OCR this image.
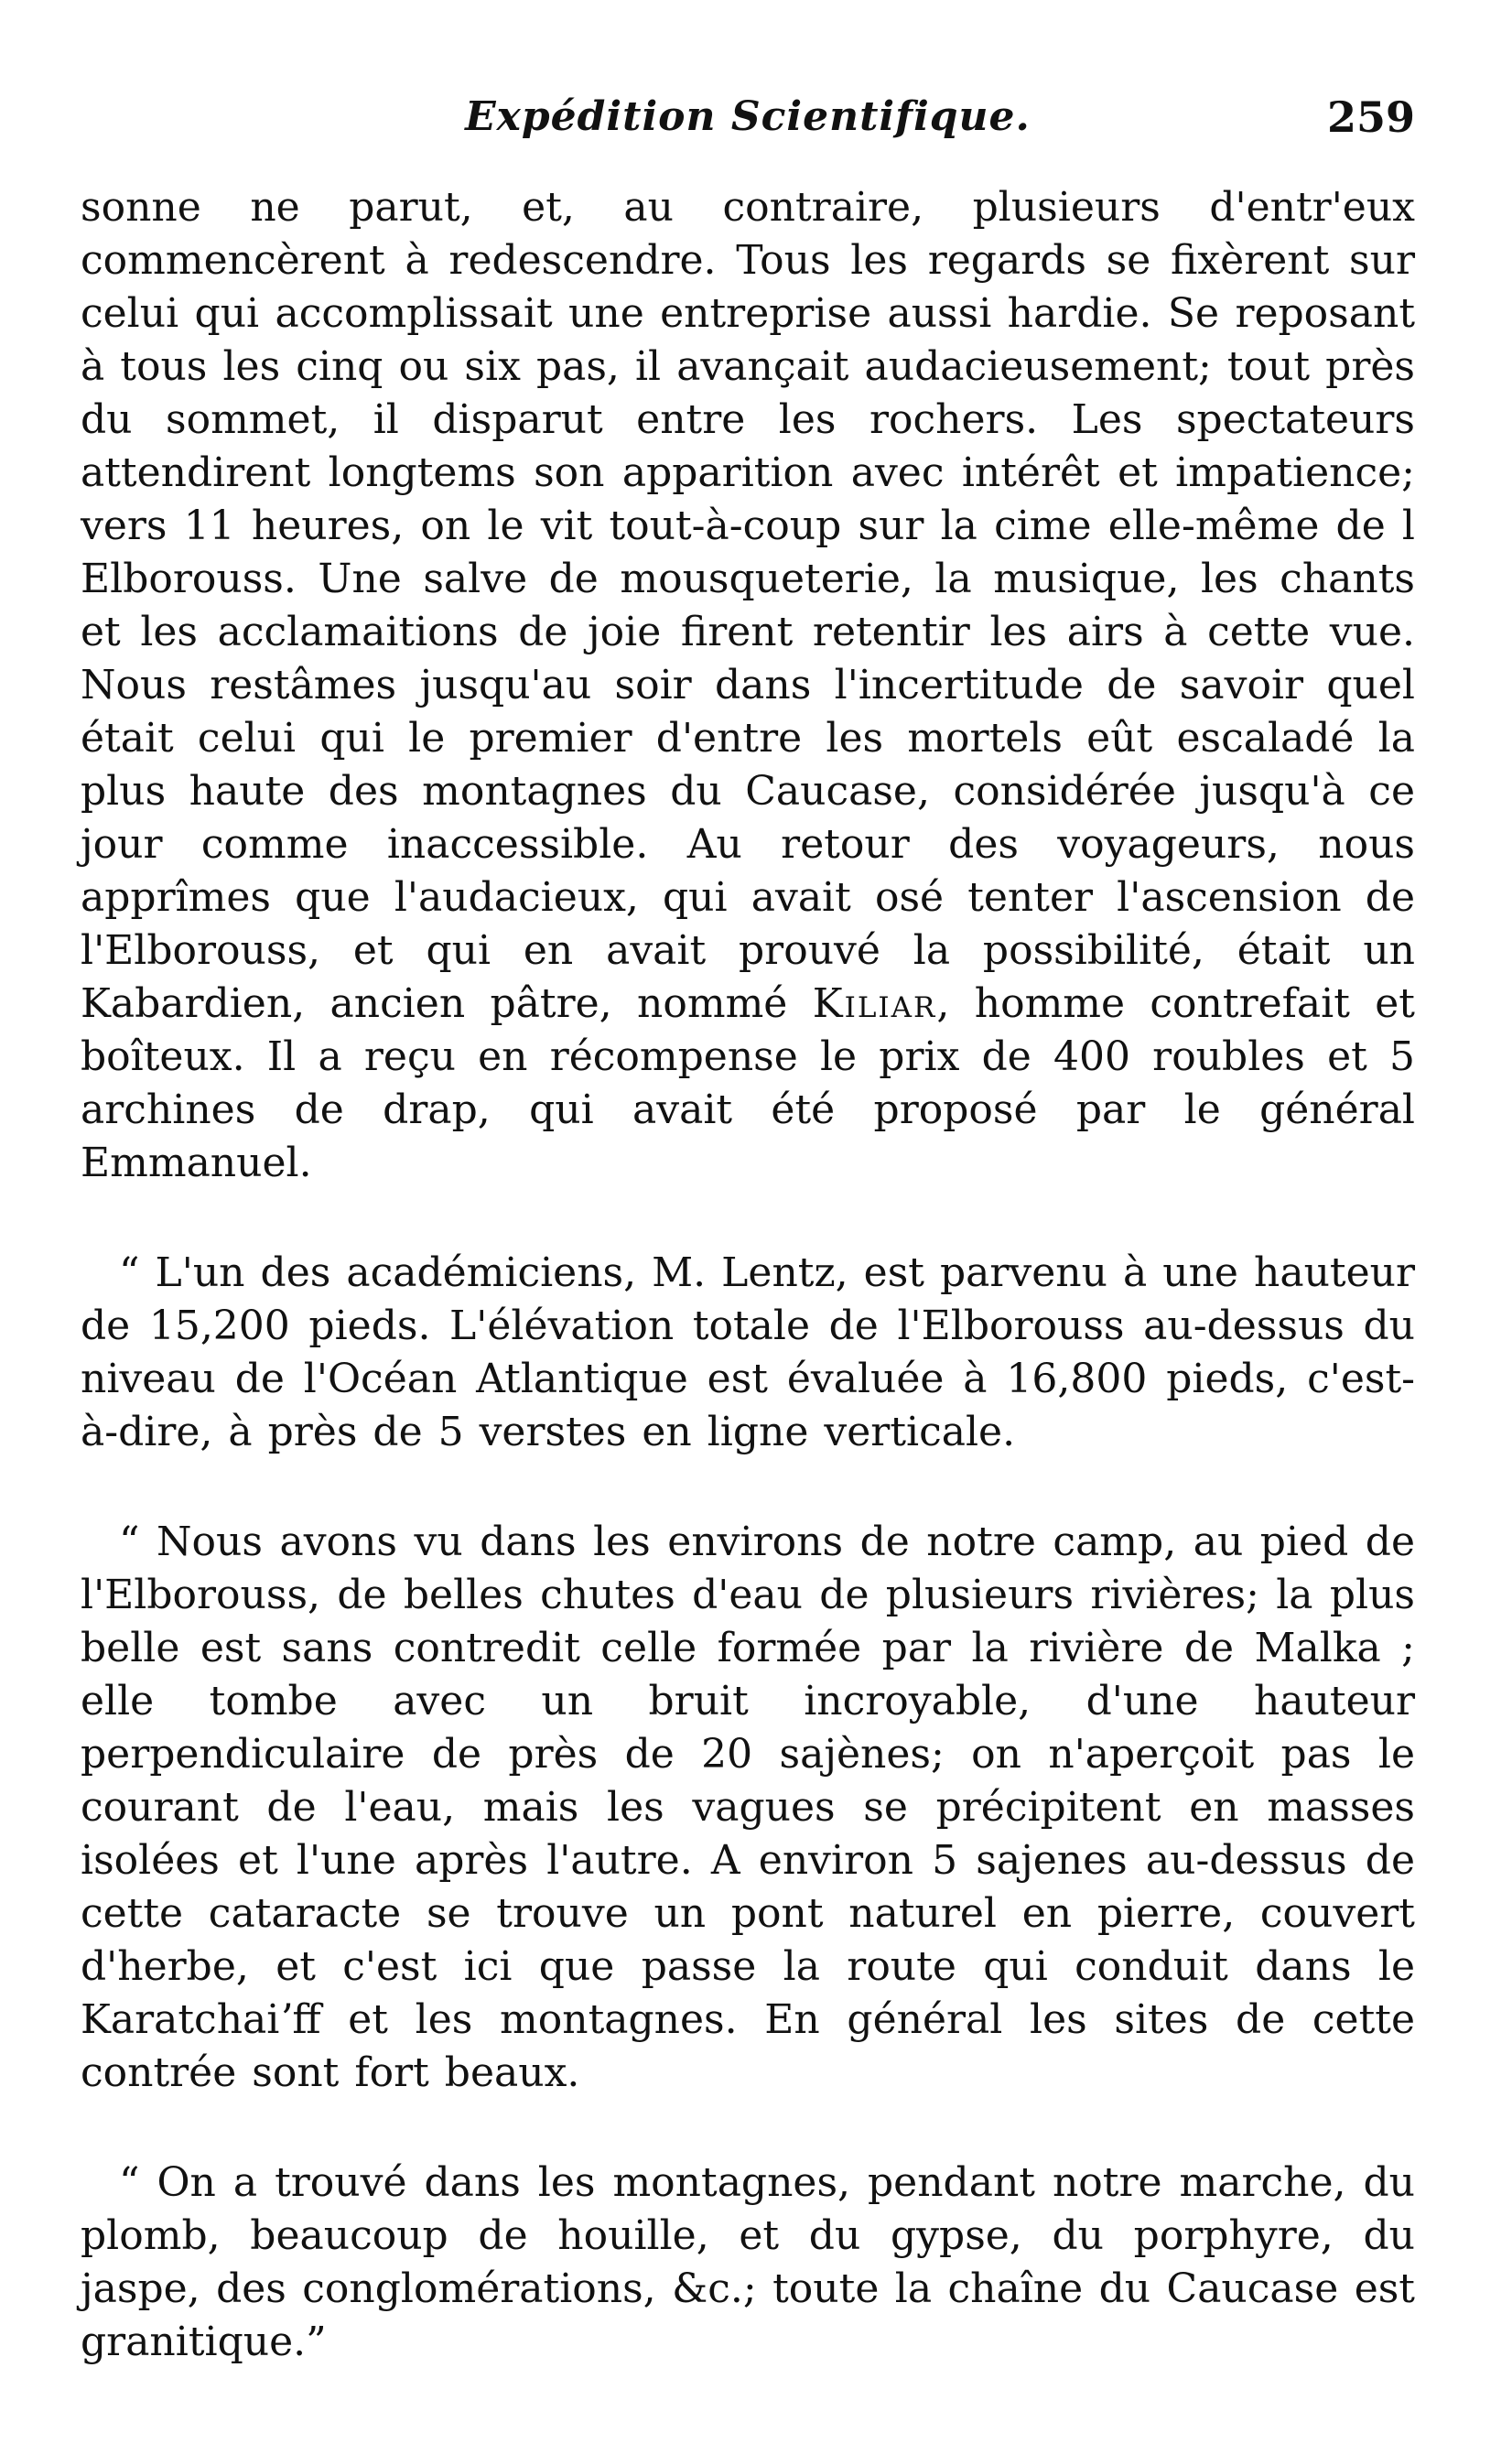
Expédition Scientifique.	259

sonne ne parut, et, au contraire, plusieurs d'entr'eux commencèrent à redescendre. Tous les regards se fixèrent sur celui qui accomplissait une entreprise aussi hardie. Se reposant à tous les cinq ou six pas, il avançait audacieusement; tout près du sommet, il disparut entre les rochers. Les spectateurs attendirent longtems son apparition avec intérêt et impatience; vers 11 heures, on le vit tout-à-coup sur la cime elle-même de l Elborouss. Une salve de mousqueterie, la musique, les chants et les acclamaitions de joie firent retentir les airs à cette vue. Nous restâmes jusqu'au soir dans l'incertitude de savoir quel était celui qui le premier d'entre les mortels eût escaladé la plus haute des montagnes du Caucase, considérée jusqu'à ce jour comme inaccessible. Au retour des voyageurs, nous apprîmes que l'audacieux, qui avait osé tenter l'ascension de l'Elborouss, et qui en avait prouvé la possibilité, était un Kabardien, ancien pâtre, nommé Kiliar, homme contrefait et boîteux. Il a reçu en récompense le prix de 400 roubles et 5 archines de drap, qui avait été proposé par le général Emmanuel.

“ L'un des académiciens, M. Lentz, est parvenu à une hauteur de 15,200 pieds. L'élévation totale de l'Elborouss au-dessus du niveau de l'Océan Atlantique est évaluée à 16,800 pieds, c'est-à-dire, à près de 5 verstes en ligne verticale.

“ Nous avons vu dans les environs de notre camp, au pied de l'Elborouss, de belles chutes d'eau de plusieurs rivières; la plus belle est sans contredit celle formée par la rivière de Malka ; elle tombe avec un bruit incroyable, d'une hauteur perpendiculaire de près de 20 sajènes; on n'aperçoit pas le courant de l'eau, mais les vagues se précipitent en masses isolées et l'une après l'autre. A environ 5 sajenes au-dessus de cette cataracte se trouve un pont naturel en pierre, couvert d'herbe, et c'est ici que passe la route qui conduit dans le Karatchaiʼff et les montagnes. En général les sites de cette contrée sont fort beaux.

“ On a trouvé dans les montagnes, pendant notre marche, du plomb, beaucoup de houille, et du gypse, du porphyre, du jaspe, des conglomérations, &c.; toute la chaîne du Caucase est granitique.”
